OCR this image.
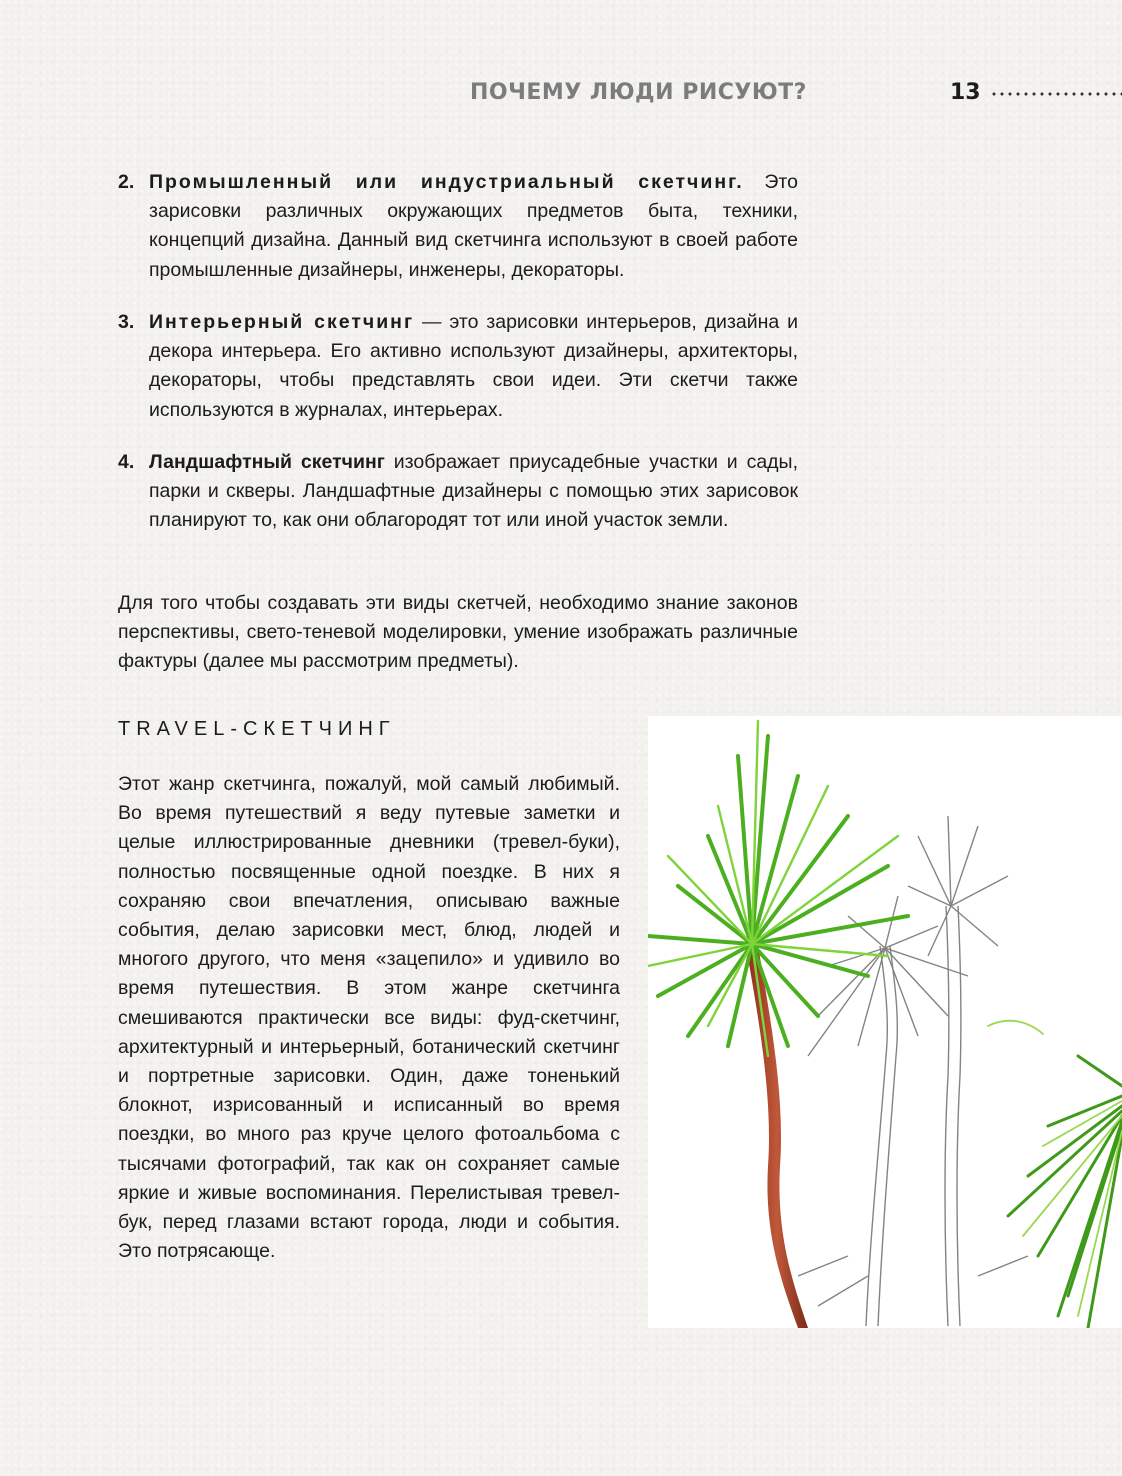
ПОЧЕМУ ЛЮДИ РИСУЮТ?	13
2. Промышленный или индустриальный скетчинг. Это зарисовки различных окружающих предметов быта, техники, концепций дизайна. Данный вид скетчинга используют в своей работе промышленные дизайнеры, инженеры, декораторы.
3. Интерьерный скетчинг — это зарисовки интерьеров, дизайна и декора интерьера. Его активно используют дизайнеры, архитекторы, декораторы, чтобы представлять свои идеи. Эти скетчи также используются в журналах, интерьерах.
4. Ландшафтный скетчинг изображает приусадебные участки и сады, парки и скверы. Ландшафтные дизайнеры с помощью этих зарисовок планируют то, как они облагородят тот или иной участок земли.
Для того чтобы создавать эти виды скетчей, необходимо знание законов перспективы, свето-теневой моделировки, умение изображать различные фактуры (далее мы рассмотрим предметы).
TRAVEL-СКЕТЧИНГ
Этот жанр скетчинга, пожалуй, мой самый любимый. Во время путешествий я веду путевые заметки и целые иллюстрированные дневники (тревел-буки), полностью посвященные одной поездке. В них я сохраняю свои впечатления, описываю важные события, делаю зарисовки мест, блюд, людей и многого другого, что меня «зацепило» и удивило во время путешествия. В этом жанре скетчинга смешиваются практически все виды: фуд-скетчинг, архитектурный и интерьерный, ботанический скетчинг и портретные зарисовки. Один, даже тоненький блокнот, изрисованный и исписанный во время поездки, во много раз круче целого фотоальбома с тысячами фотографий, так как он сохраняет самые яркие и живые воспоминания. Перелистывая тревел-бук, перед глазами встают города, люди и события. Это потрясающе.
